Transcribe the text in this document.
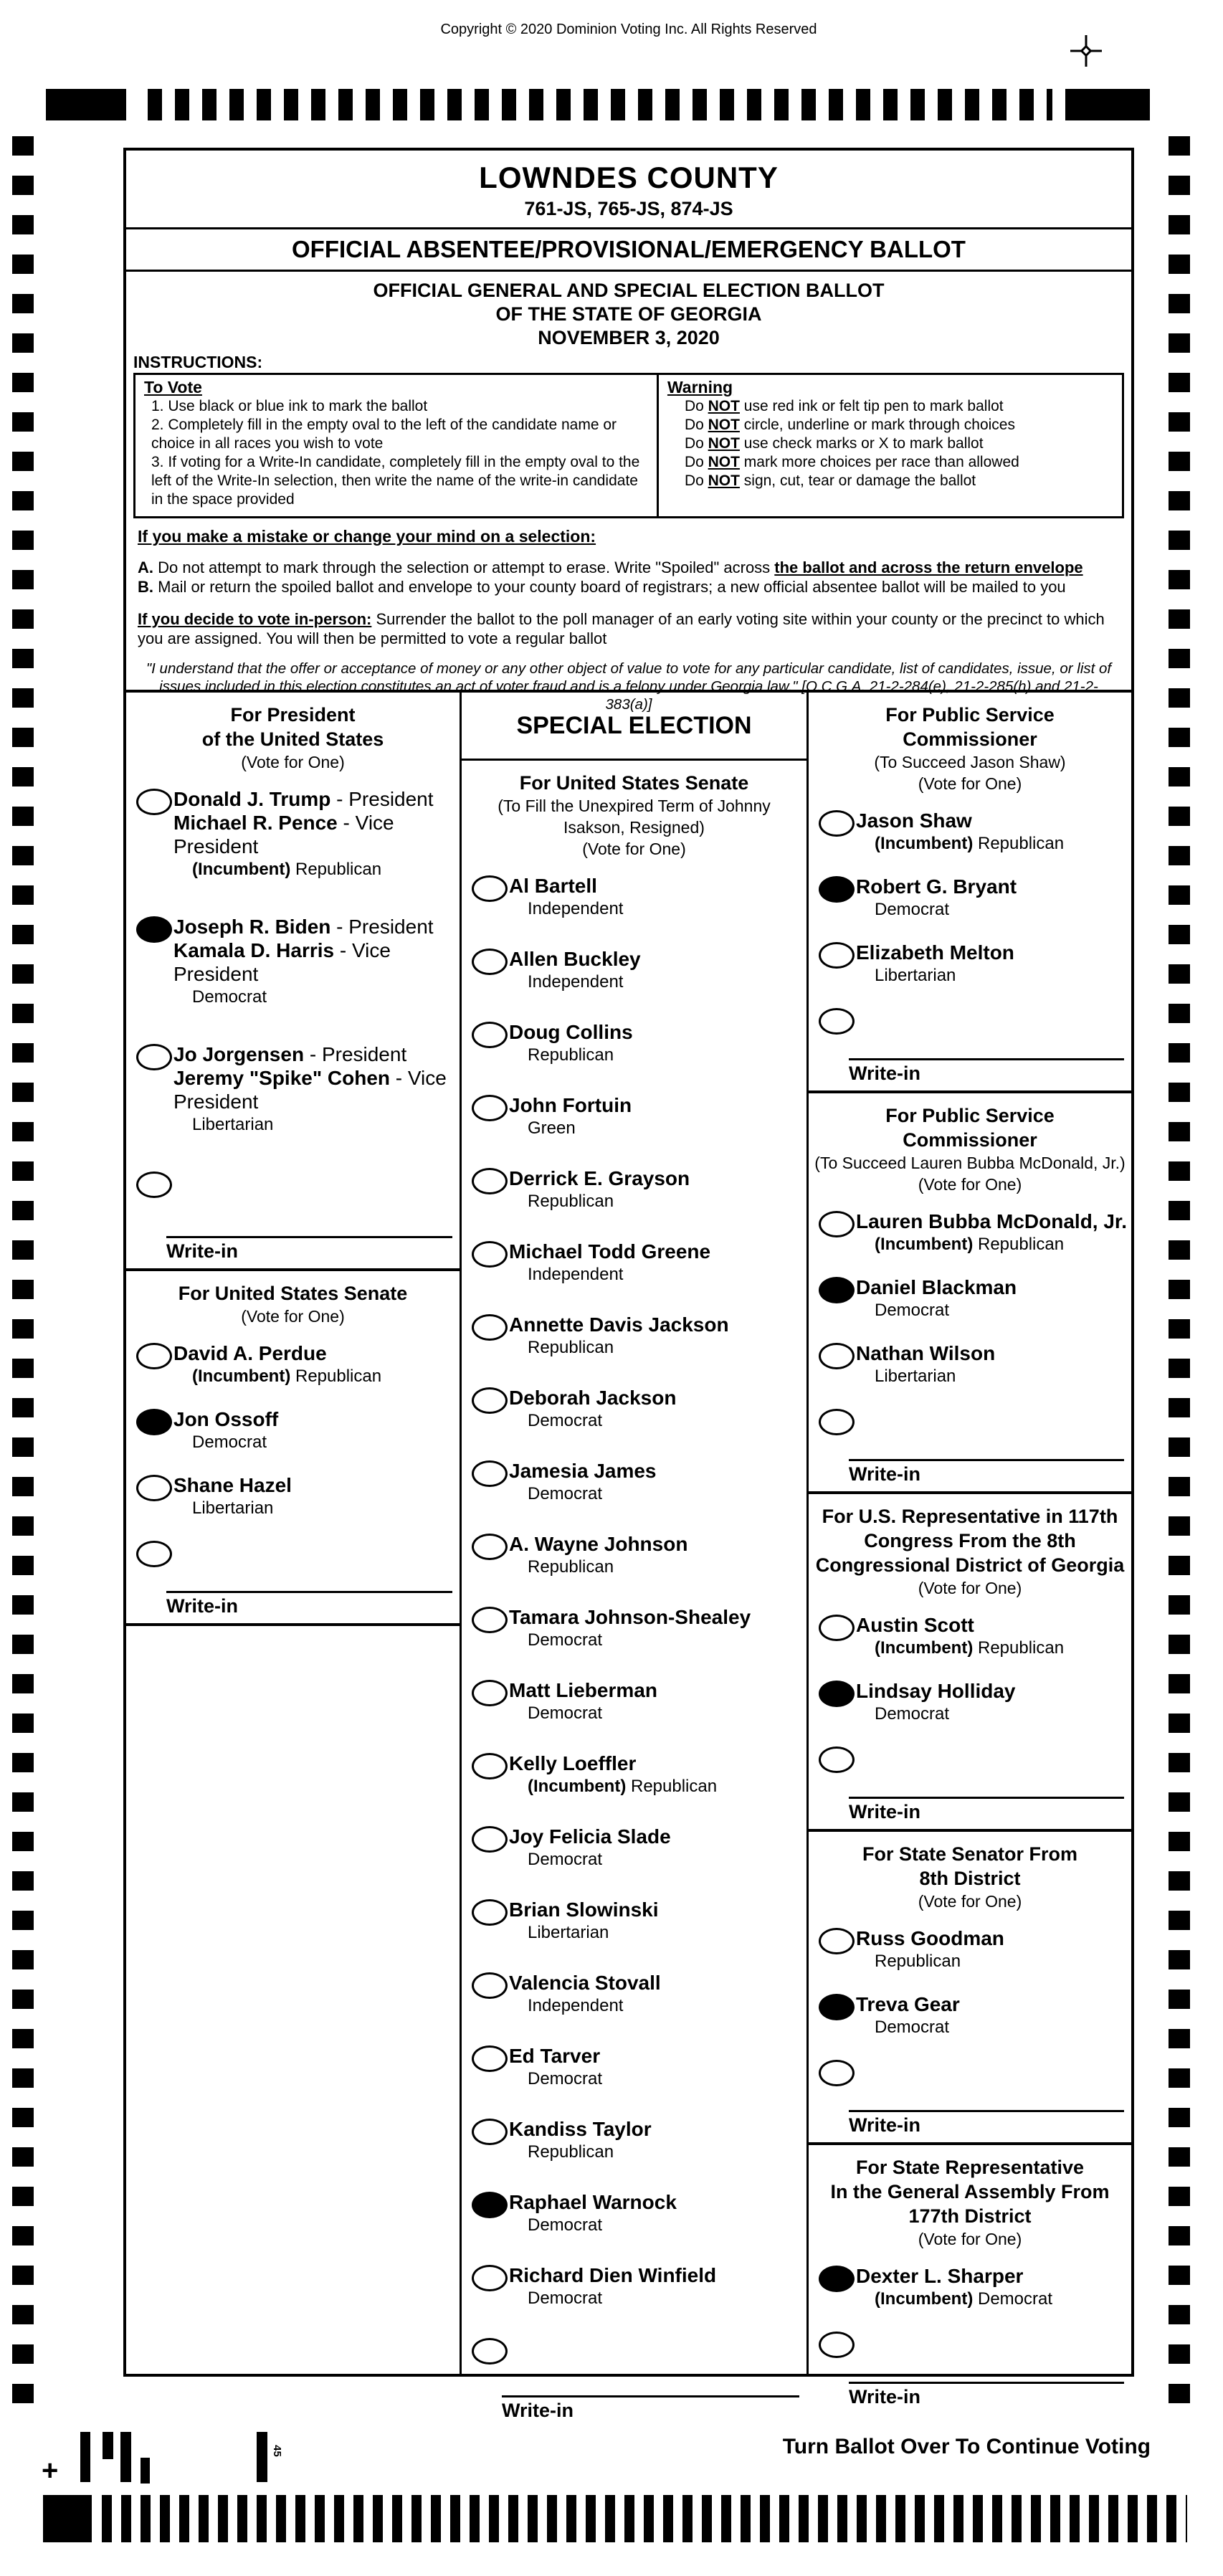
45
+
Copyright © 2020 Dominion Voting Inc. All Rights Reserved
LOWNDES COUNTY
761-JS, 765-JS, 874-JS
OFFICIAL ABSENTEE/PROVISIONAL/EMERGENCY BALLOT
OFFICIAL GENERAL AND SPECIAL ELECTION BALLOT
OF THE STATE OF GEORGIA
NOVEMBER 3, 2020
INSTRUCTIONS:
To Vote
1. Use black or blue ink to mark the ballot
2. Completely fill in the empty oval to the left of the candidate name or choice in all races you wish to vote
3. If voting for a Write-In candidate, completely fill in the empty oval to the left of the Write-In selection, then write the name of the write-in candidate in the space provided
Warning
Do NOT use red ink or felt tip pen to mark ballot
Do NOT circle, underline or mark through choices
Do NOT use check marks or X to mark ballot
Do NOT mark more choices per race than allowed
Do NOT sign, cut, tear or damage the ballot
If you make a mistake or change your mind on a selection:
A. Do not attempt to mark through the selection or attempt to erase. Write "Spoiled" across the ballot and across the return envelope
B. Mail or return the spoiled ballot and envelope to your county board of registrars; a new official absentee ballot will be mailed to you
If you decide to vote in-person: Surrender the ballot to the poll manager of an early voting site within your county or the precinct to which you are assigned. You will then be permitted to vote a regular ballot
"I understand that the offer or acceptance of money or any other object of value to vote for any particular candidate, list of candidates, issue, or list of issues included in this election constitutes an act of voter fraud and is a felony under Georgia law." [O.C.G.A. 21-2-284(e), 21-2-285(h) and 21-2-383(a)]
For President
of the United States
(Vote for One)
Donald J. Trump - President
Michael R. Pence - Vice President
(Incumbent) Republican
Joseph R. Biden - President
Kamala D. Harris - Vice President
Democrat
Jo Jorgensen - President
Jeremy "Spike" Cohen - Vice President
Libertarian
Write-in
For United States Senate
(Vote for One)
David A. Perdue
(Incumbent) Republican
Jon Ossoff
Democrat
Shane Hazel
Libertarian
Write-in
SPECIAL ELECTION
For United States Senate
(To Fill the Unexpired Term of Johnny
Isakson, Resigned)
(Vote for One)
Al Bartell
Independent
Allen Buckley
Independent
Doug Collins
Republican
John Fortuin
Green
Derrick E. Grayson
Republican
Michael Todd Greene
Independent
Annette Davis Jackson
Republican
Deborah Jackson
Democrat
Jamesia James
Democrat
A. Wayne Johnson
Republican
Tamara Johnson-Shealey
Democrat
Matt Lieberman
Democrat
Kelly Loeffler
(Incumbent) Republican
Joy Felicia Slade
Democrat
Brian Slowinski
Libertarian
Valencia Stovall
Independent
Ed Tarver
Democrat
Kandiss Taylor
Republican
Raphael Warnock
Democrat
Richard Dien Winfield
Democrat
Write-in
For Public Service
Commissioner
(To Succeed Jason Shaw)
(Vote for One)
Jason Shaw
(Incumbent) Republican
Robert G. Bryant
Democrat
Elizabeth Melton
Libertarian
Write-in
For Public Service
Commissioner
(To Succeed Lauren Bubba McDonald, Jr.)
(Vote for One)
Lauren Bubba McDonald, Jr.
(Incumbent) Republican
Daniel Blackman
Democrat
Nathan Wilson
Libertarian
Write-in
For U.S. Representative in 117th
Congress From the 8th
Congressional District of Georgia
(Vote for One)
Austin Scott
(Incumbent) Republican
Lindsay Holliday
Democrat
Write-in
For State Senator From
8th District
(Vote for One)
Russ Goodman
Republican
Treva Gear
Democrat
Write-in
For State Representative
In the General Assembly From
177th District
(Vote for One)
Dexter L. Sharper
(Incumbent) Democrat
Write-in
Turn Ballot Over To Continue Voting
